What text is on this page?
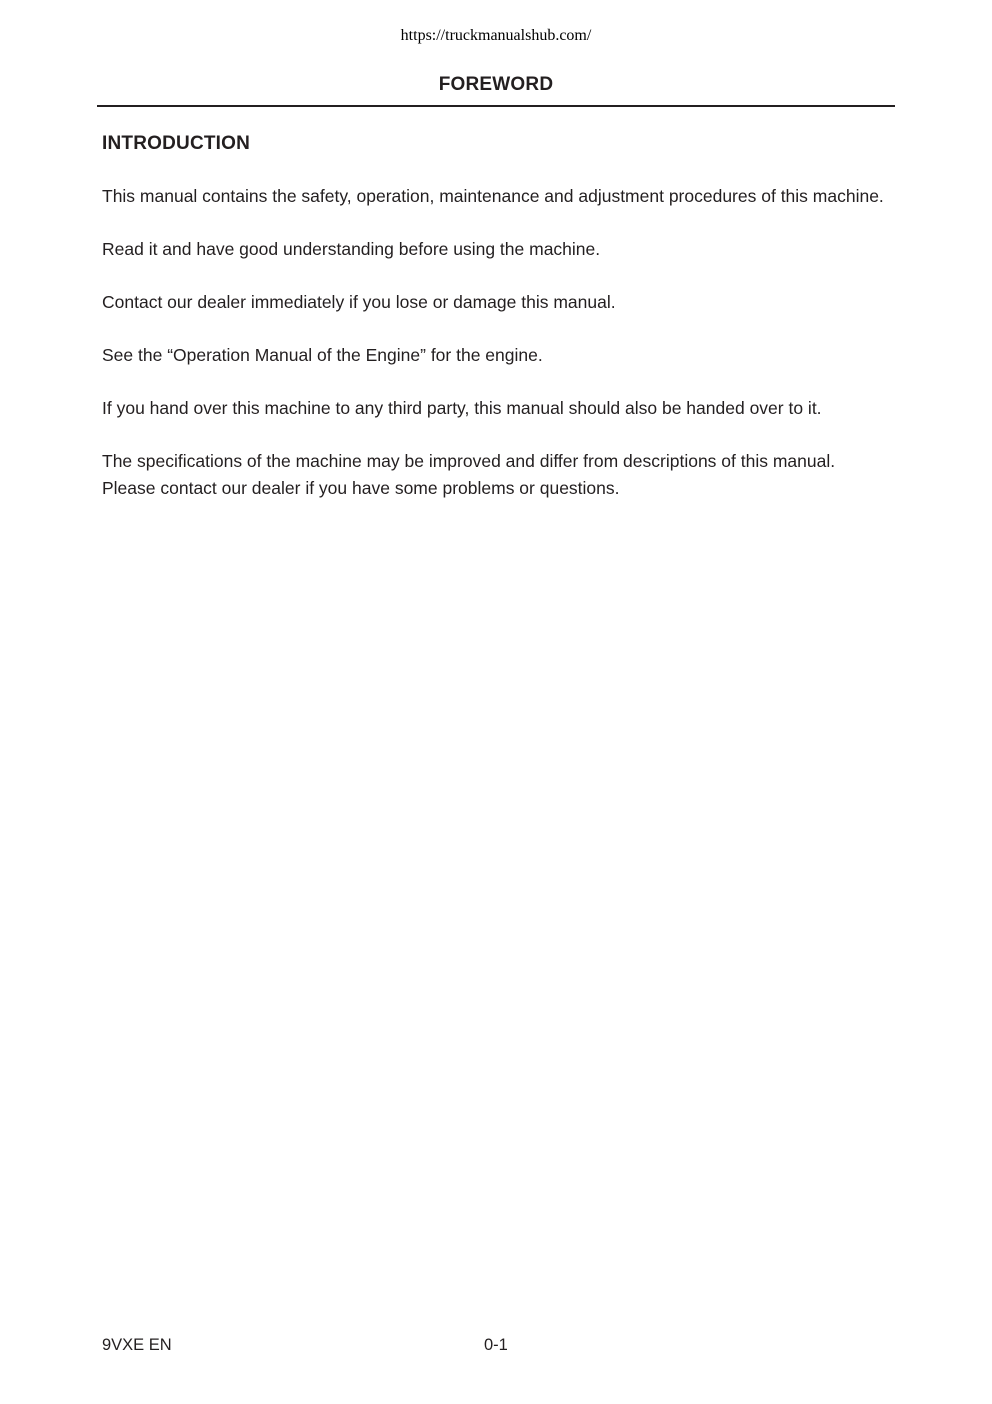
https://truckmanualshub.com/
FOREWORD
INTRODUCTION

This manual contains the safety, operation, maintenance and adjustment procedures of this machine.

Read it and have good understanding before using the machine.

Contact our dealer immediately if you lose or damage this manual.

See the “Operation Manual of the Engine” for the engine.

If you hand over this machine to any third party, this manual should also be handed over to it.

The specifications of the machine may be improved and differ from descriptions of this manual. Please contact our dealer if you have some problems or questions.

9VXE EN	0-1
